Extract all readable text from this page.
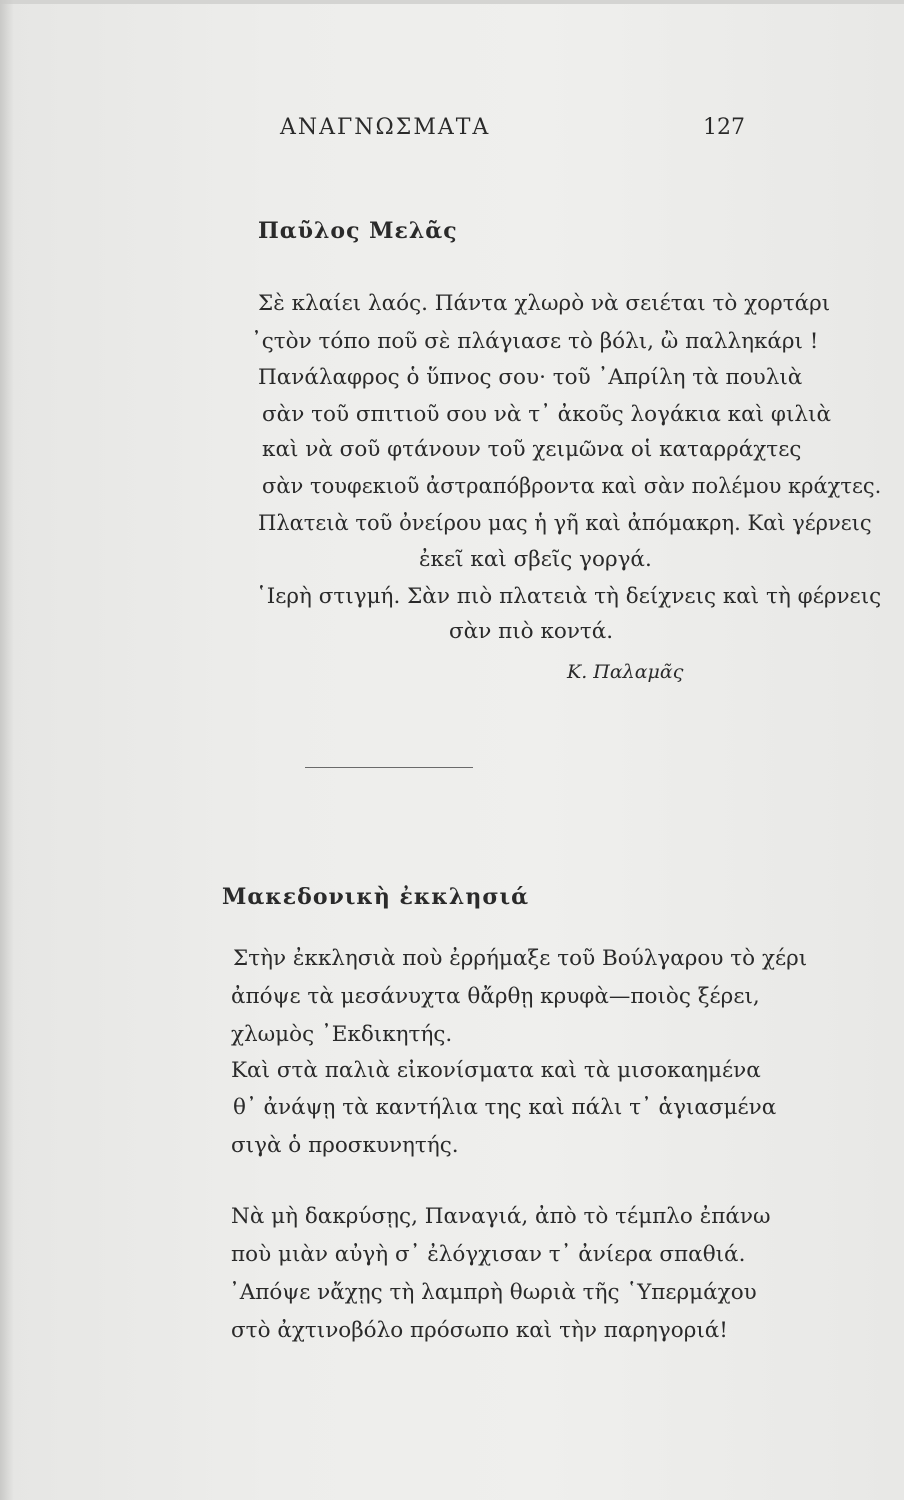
ΑΝΑΓΝΩΣΜΑΤΑ	127
Παῦλος Μελᾶς
Σὲ κλαίει λαός. Πάντα χλωρὸ νὰ σειέται τὸ χορτάρι
᾿ςτὸν τόπο ποῦ σὲ πλάγιασε τὸ βόλι, ὢ παλληκάρι !
Πανάλαφρος ὁ ὕπνος σου· τοῦ ᾿Απρίλη τὰ πουλιὰ
σὰν τοῦ σπιτιοῦ σου νὰ τ᾿ ἀκοῦς λογάκια καὶ φιλιὰ
καὶ νὰ σοῦ φτάνουν τοῦ χειμῶνα οἱ καταρράχτες
σὰν τουφεκιοῦ ἀστραπόβροντα καὶ σὰν πολέμου κράχτες.
Πλατειὰ τοῦ ὀνείρου μας ἡ γῆ καὶ ἀπόμακρη. Καὶ γέρνεις
ἐκεῖ καὶ σβεῖς γοργά.
῾Ιερὴ στιγμή. Σὰν πιὸ πλατειὰ τὴ δείχνεις καὶ τὴ φέρνεις
σὰν πιὸ κοντά.
Κ. Παλαμᾶς
Μακεδονικὴ ἐκκλησιά
Στὴν ἐκκλησιὰ ποὺ ἐρρήμαξε τοῦ Βούλγαρου τὸ χέρι
ἀπόψε τὰ μεσάνυχτα θἄρθῃ κρυφὰ—ποιὸς ξέρει,
χλωμὸς ᾿Εκδικητής.
Καὶ στὰ παλιὰ εἰκονίσματα καὶ τὰ μισοκαημένα
θ᾿ ἀνάψῃ τὰ καντήλια της καὶ πάλι τ᾿ ἁγιασμένα
σιγὰ ὁ προσκυνητής.
Νὰ μὴ δακρύσῃς, Παναγιά, ἀπὸ τὸ τέμπλο ἐπάνω
ποὺ μιὰν αὐγὴ σ᾿ ἐλόγχισαν τ᾿ ἀνίερα σπαθιά.
᾿Απόψε νἄχῃς τὴ λαμπρὴ θωριὰ τῆς ῾Υπερμάχου
στὸ ἀχτινοβόλο πρόσωπο καὶ τὴν παρηγοριά!
